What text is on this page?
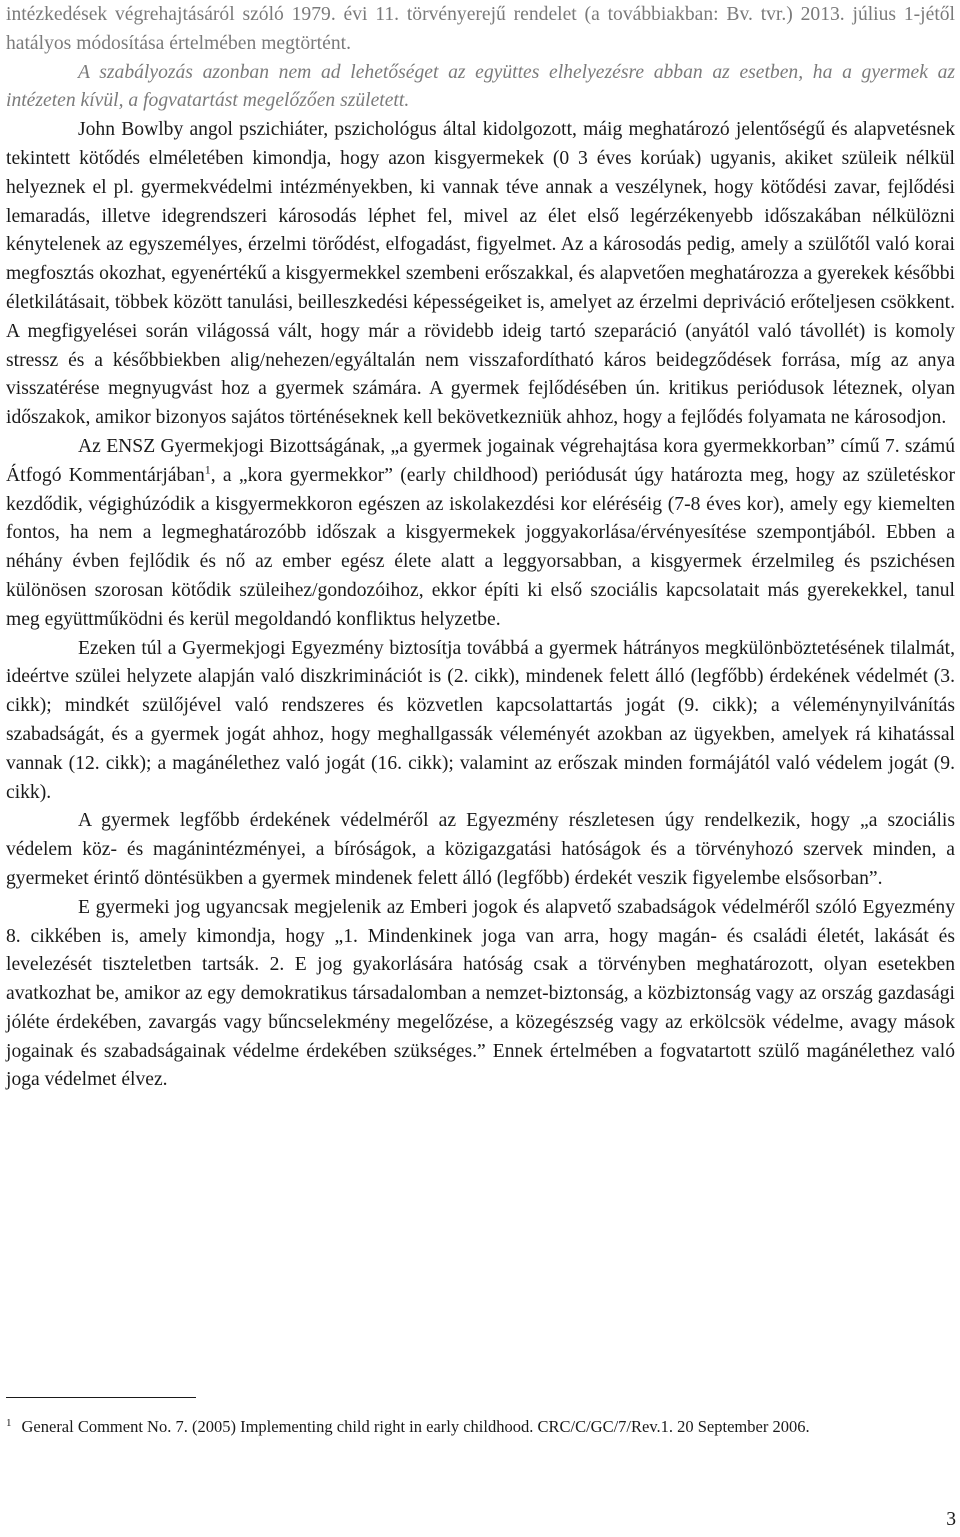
intézkedések végrehajtásáról szóló 1979. évi 11. törvényerejű rendelet (a továbbiakban: Bv. tvr.) 2013. július 1-jétől hatályos módosítása értelmében megtörtént.

A szabályozás azonban nem ad lehetőséget az együttes elhelyezésre abban az esetben, ha a gyermek az intézeten kívül, a fogvatartást megelőzően született.

John Bowlby angol pszichiáter, pszichológus által kidolgozott, máig meghatározó jelentőségű és alapvetésnek tekintett kötődés elméletében kimondja, hogy azon kisgyermekek (0 3 éves korúak) ugyanis, akiket szüleik nélkül helyeznek el pl. gyermekvédelmi intézményekben, ki vannak téve annak a veszélynek, hogy kötődési zavar, fejlődési lemaradás, illetve idegrendszeri károsodás léphet fel, mivel az élet első legérzékenyebb időszakában nélkülözni kénytelenek az egyszemélyes, érzelmi törődést, elfogadást, figyelmet. Az a károsodás pedig, amely a szülőtől való korai megfosztás okozhat, egyenértékű a kisgyermekkel szembeni erőszakkal, és alapvetően meghatározza a gyerekek későbbi életkilátásait, többek között tanulási, beilleszkedési képességeiket is, amelyet az érzelmi depriváció erőteljesen csökkent. A megfigyelései során világossá vált, hogy már a rövidebb ideig tartó szeparáció (anyától való távollét) is komoly stressz és a későbbiekben alig/nehezen/egyáltalán nem visszafordítható káros beidegződések forrása, míg az anya visszatérése megnyugvást hoz a gyermek számára. A gyermek fejlődésében ún. kritikus periódusok léteznek, olyan időszakok, amikor bizonyos sajátos történéseknek kell bekövetkezniük ahhoz, hogy a fejlődés folyamata ne károsodjon.

Az ENSZ Gyermekjogi Bizottságának, „a gyermek jogainak végrehajtása kora gyermekkorban” című 7. számú Átfogó Kommentárjában$^1$, a „kora gyermekkor” (early childhood) periódusát úgy határozta meg, hogy az születéskor kezdődik, végighúzódik a kisgyermekkoron egészen az iskolakezdési kor eléréséig (7-8 éves kor), amely egy kiemelten fontos, ha nem a legmeghatározóbb időszak a kisgyermekek joggyakorlása/érvényesítése szempontjából. Ebben a néhány évben fejlődik és nő az ember egész élete alatt a leggyorsabban, a kisgyermek érzelmileg és pszichésen különösen szorosan kötődik szüleihez/gondozóihoz, ekkor építi ki első szociális kapcsolatait más gyerekekkel, tanul meg együttműködni és kerül megoldandó konfliktus helyzetbe.

Ezeken túl a Gyermekjogi Egyezmény biztosítja továbbá a gyermek hátrányos megkülönböztetésének tilalmát, ideértve szülei helyzete alapján való diszkriminációt is (2. cikk), mindenek felett álló (legfőbb) érdekének védelmét (3. cikk); mindkét szülőjével való rendszeres és közvetlen kapcsolattartás jogát (9. cikk); a véleménynyilvánítás szabadságát, és a gyermek jogát ahhoz, hogy meghallgassák véleményét azokban az ügyekben, amelyek rá kihatással vannak (12. cikk); a magánélethez való jogát (16. cikk); valamint az erőszak minden formájától való védelem jogát (9. cikk).

A gyermek legfőbb érdekének védelméről az Egyezmény részletesen úgy rendelkezik, hogy „a szociális védelem köz- és magánintézményei, a bíróságok, a közigazgatási hatóságok és a törvényhozó szervek minden, a gyermeket érintő döntésükben a gyermek mindenek felett álló (legfőbb) érdekét veszik figyelembe elsősorban”.

E gyermeki jog ugyancsak megjelenik az Emberi jogok és alapvető szabadságok védelméről szóló Egyezmény 8. cikkében is, amely kimondja, hogy „1. Mindenkinek joga van arra, hogy magán- és családi életét, lakását és levelezését tiszteletben tartsák. 2. E jog gyakorlására hatóság csak a törvényben meghatározott, olyan esetekben avatkozhat be, amikor az egy demokratikus társadalomban a nemzet-biztonság, a közbiztonság vagy az ország gazdasági jóléte érdekében, zavargás vagy bűncselekmény megelőzése, a közegészség vagy az erkölcsök védelme, avagy mások jogainak és szabadságainak védelme érdekében szükséges.” Ennek értelmében a fogvatartott szülő magánélethez való joga védelmet élvez.

$^1$ General Comment No. 7. (2005) Implementing child right in early childhood. CRC/C/GC/7/Rev.1. 20 September 2006.
3
